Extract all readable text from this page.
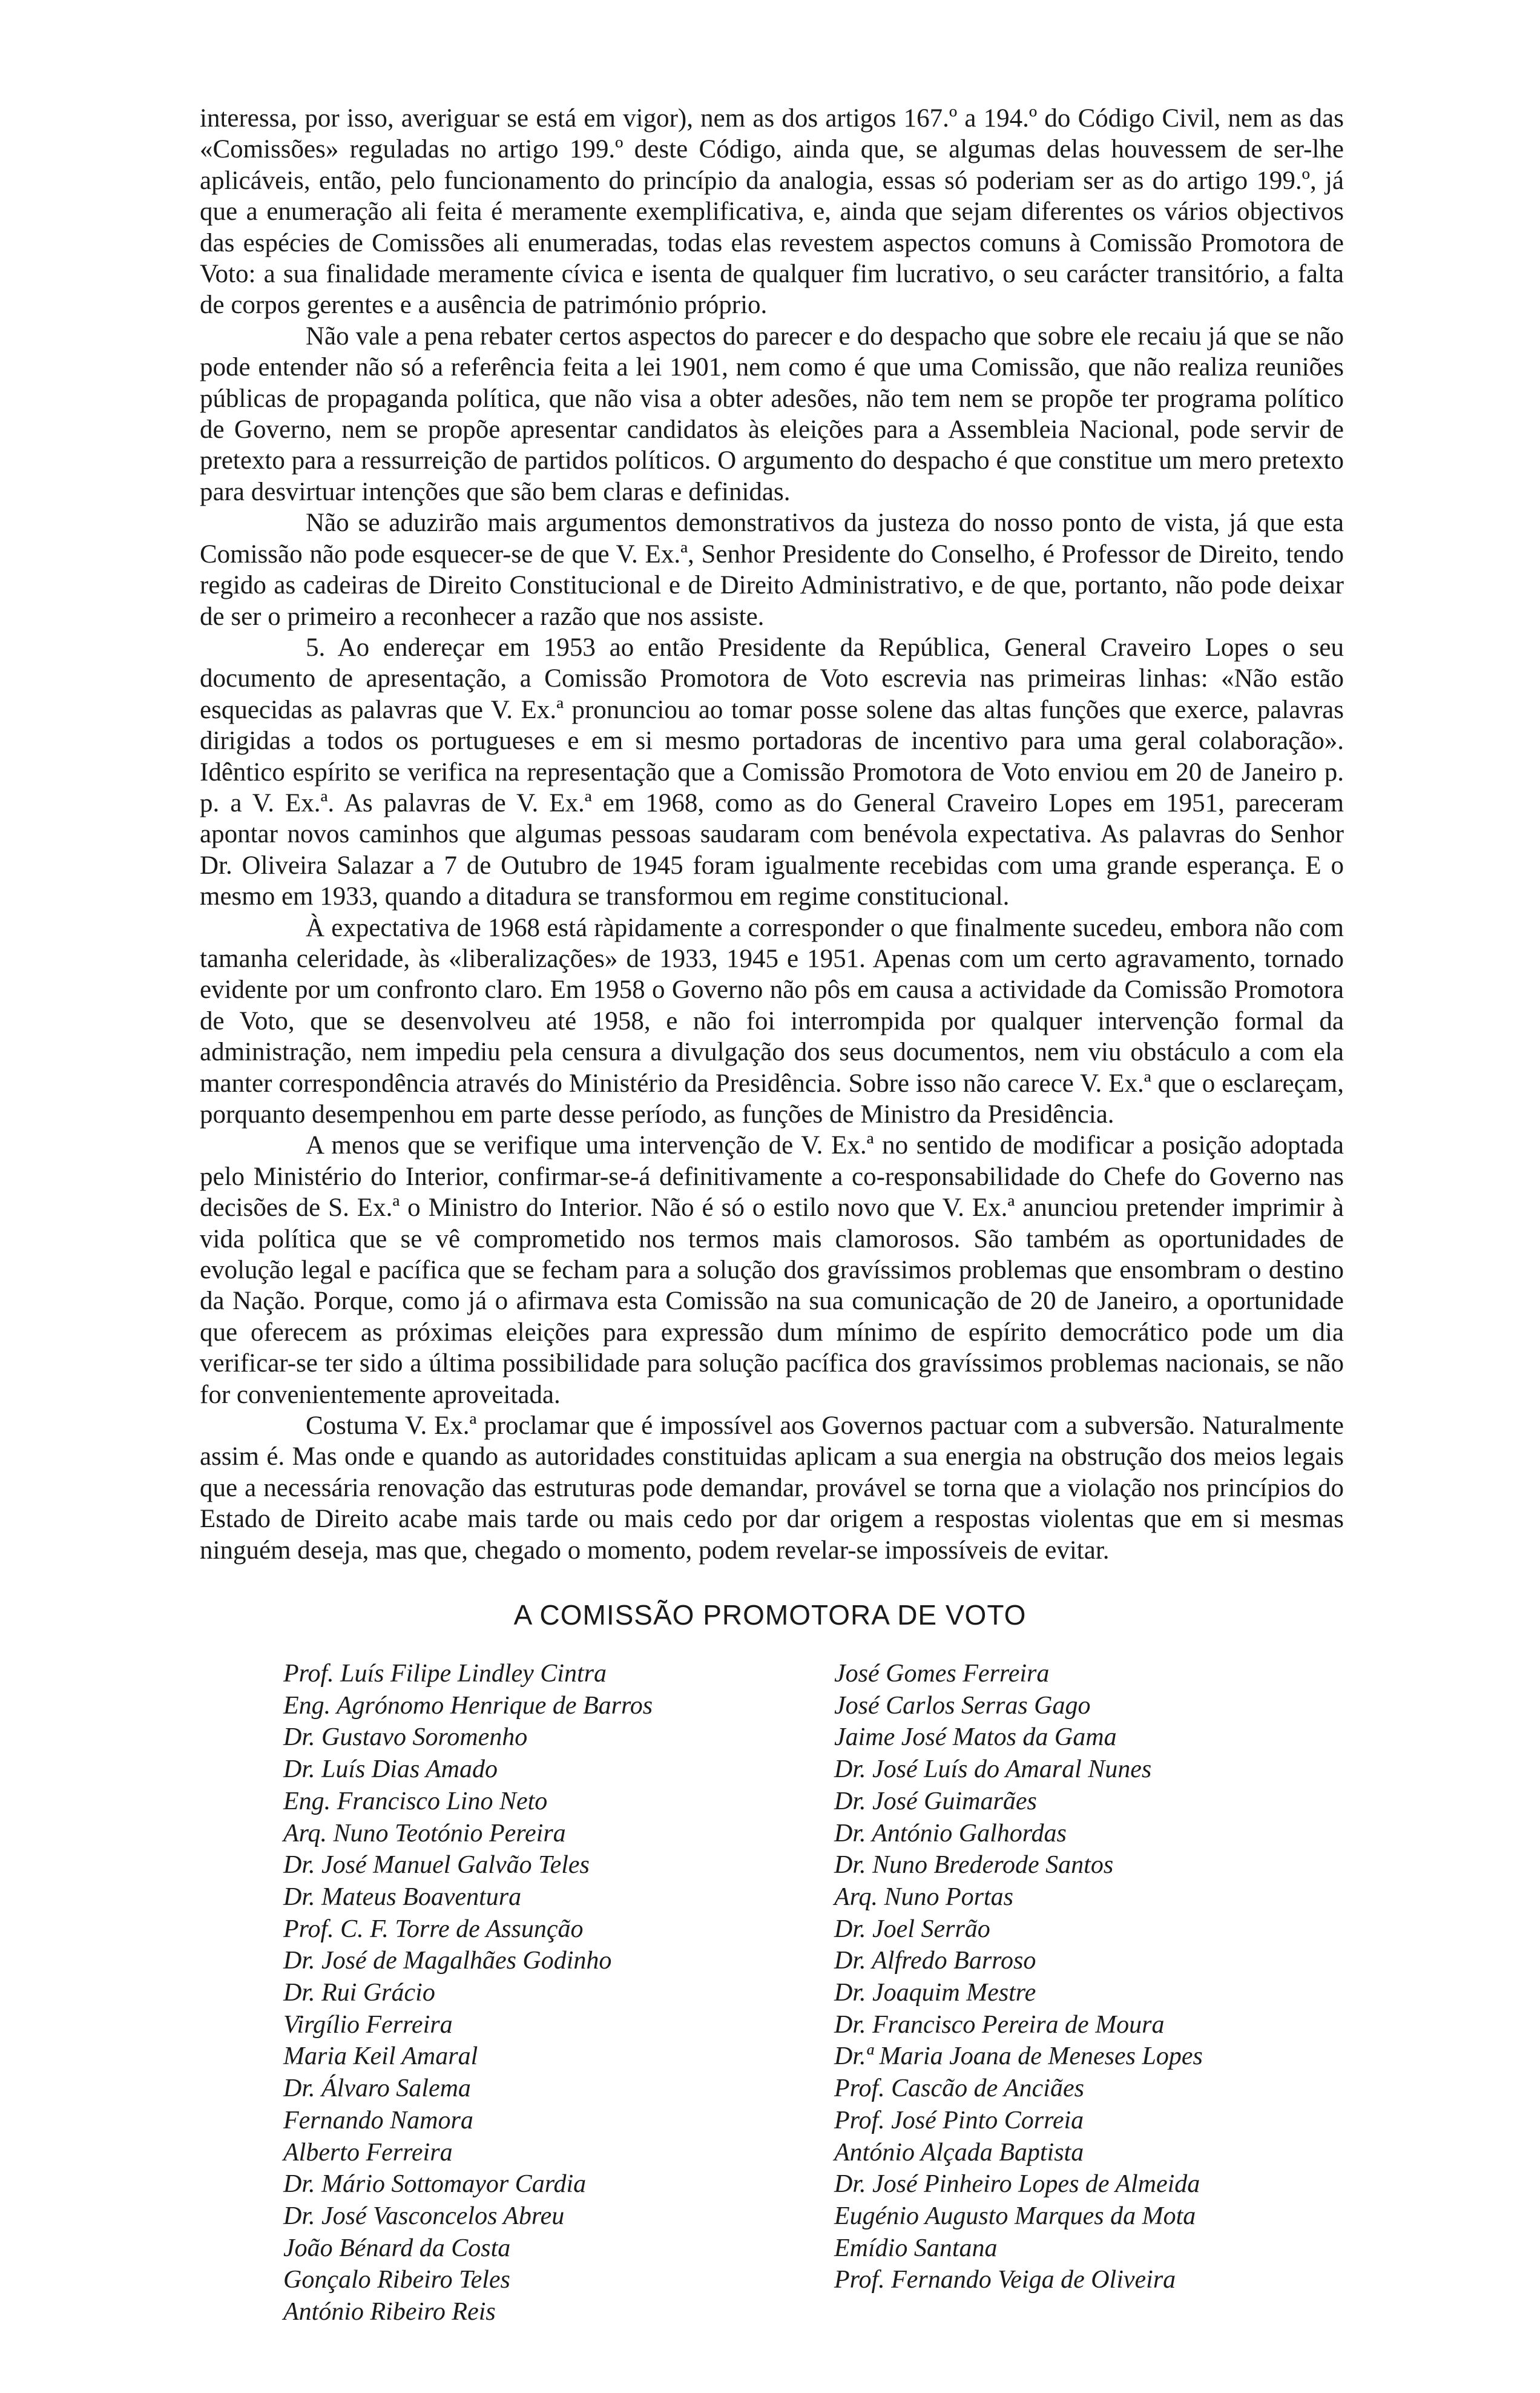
interessa, por isso, averiguar se está em vigor), nem as dos artigos 167.º a 194.º do Código Civil, nem as das «Comissões» reguladas no artigo 199.º deste Código, ainda que, se algumas delas houvessem de ser-lhe aplicáveis, então, pelo funcionamento do princípio da analogia, essas só poderiam ser as do artigo 199.º, já que a enumeração ali feita é meramente exemplificativa, e, ainda que sejam diferentes os vários objectivos das espécies de Comissões ali enumeradas, todas elas revestem aspectos comuns à Comissão Promotora de Voto: a sua finalidade meramente cívica e isenta de qualquer fim lucrativo, o seu carácter transitório, a falta de corpos gerentes e a ausência de património próprio.

Não vale a pena rebater certos aspectos do parecer e do despacho que sobre ele recaiu já que se não pode entender não só a referência feita a lei 1901, nem como é que uma Comissão, que não realiza reuniões públicas de propaganda política, que não visa a obter adesões, não tem nem se propõe ter programa político de Governo, nem se propõe apresentar candidatos às eleições para a Assembleia Nacional, pode servir de pretexto para a ressurreição de partidos políticos. O argumento do despacho é que constitue um mero pretexto para desvirtuar intenções que são bem claras e definidas.

Não se aduzirão mais argumentos demonstrativos da justeza do nosso ponto de vista, já que esta Comissão não pode esquecer-se de que V. Ex.ª, Senhor Presidente do Conselho, é Professor de Direito, tendo regido as cadeiras de Direito Constitucional e de Direito Administrativo, e de que, portanto, não pode deixar de ser o primeiro a reconhecer a razão que nos assiste.

5. Ao endereçar em 1953 ao então Presidente da República, General Craveiro Lopes o seu documento de apresentação, a Comissão Promotora de Voto escrevia nas primeiras linhas: «Não estão esquecidas as palavras que V. Ex.ª pronunciou ao tomar posse solene das altas funções que exerce, palavras dirigidas a todos os portugueses e em si mesmo portadoras de incentivo para uma geral colaboração». Idêntico espírito se verifica na representação que a Comissão Promotora de Voto enviou em 20 de Janeiro p. p. a V. Ex.ª. As palavras de V. Ex.ª em 1968, como as do General Craveiro Lopes em 1951, pareceram apontar novos caminhos que algumas pessoas saudaram com benévola expectativa. As palavras do Senhor Dr. Oliveira Salazar a 7 de Outubro de 1945 foram igualmente recebidas com uma grande esperança. E o mesmo em 1933, quando a ditadura se transformou em regime constitucional.

À expectativa de 1968 está ràpidamente a corresponder o que finalmente sucedeu, embora não com tamanha celeridade, às «liberalizações» de 1933, 1945 e 1951. Apenas com um certo agravamento, tornado evidente por um confronto claro. Em 1958 o Governo não pôs em causa a actividade da Comissão Promotora de Voto, que se desenvolveu até 1958, e não foi interrompida por qualquer intervenção formal da administração, nem impediu pela censura a divulgação dos seus documentos, nem viu obstáculo a com ela manter correspondência através do Ministério da Presidência. Sobre isso não carece V. Ex.ª que o esclareçam, porquanto desempenhou em parte desse período, as funções de Ministro da Presidência.

A menos que se verifique uma intervenção de V. Ex.ª no sentido de modificar a posição adoptada pelo Ministério do Interior, confirmar-se-á definitivamente a co-responsabilidade do Chefe do Governo nas decisões de S. Ex.ª o Ministro do Interior. Não é só o estilo novo que V. Ex.ª anunciou pretender imprimir à vida política que se vê comprometido nos termos mais clamorosos. São também as oportunidades de evolução legal e pacífica que se fecham para a solução dos gravíssimos problemas que ensombram o destino da Nação. Porque, como já o afirmava esta Comissão na sua comunicação de 20 de Janeiro, a oportunidade que oferecem as próximas eleições para expressão dum mínimo de espírito democrático pode um dia verificar-se ter sido a última possibilidade para solução pacífica dos gravíssimos problemas nacionais, se não for convenientemente aproveitada.

Costuma V. Ex.ª proclamar que é impossível aos Governos pactuar com a subversão. Naturalmente assim é. Mas onde e quando as autoridades constituidas aplicam a sua energia na obstrução dos meios legais que a necessária renovação das estruturas pode demandar, provável se torna que a violação nos princípios do Estado de Direito acabe mais tarde ou mais cedo por dar origem a respostas violentas que em si mesmas ninguém deseja, mas que, chegado o momento, podem revelar-se impossíveis de evitar.

A COMISSÃO PROMOTORA DE VOTO
Prof. Luís Filipe Lindley Cintra
Eng. Agrónomo Henrique de Barros
Dr. Gustavo Soromenho
Dr. Luís Dias Amado
Eng. Francisco Lino Neto
Arq. Nuno Teotónio Pereira
Dr. José Manuel Galvão Teles
Dr. Mateus Boaventura
Prof. C. F. Torre de Assunção
Dr. José de Magalhães Godinho
Dr. Rui Grácio
Virgílio Ferreira
Maria Keil Amaral
Dr. Álvaro Salema
Fernando Namora
Alberto Ferreira
Dr. Mário Sottomayor Cardia
Dr. José Vasconcelos Abreu
João Bénard da Costa
Gonçalo Ribeiro Teles
António Ribeiro Reis
José Gomes Ferreira
José Carlos Serras Gago
Jaime José Matos da Gama
Dr. José Luís do Amaral Nunes
Dr. José Guimarães
Dr. António Galhordas
Dr. Nuno Brederode Santos
Arq. Nuno Portas
Dr. Joel Serrão
Dr. Alfredo Barroso
Dr. Joaquim Mestre
Dr. Francisco Pereira de Moura
Dr.ª Maria Joana de Meneses Lopes
Prof. Cascão de Anciães
Prof. José Pinto Correia
António Alçada Baptista
Dr. José Pinheiro Lopes de Almeida
Eugénio Augusto Marques da Mota
Emídio Santana
Prof. Fernando Veiga de Oliveira
